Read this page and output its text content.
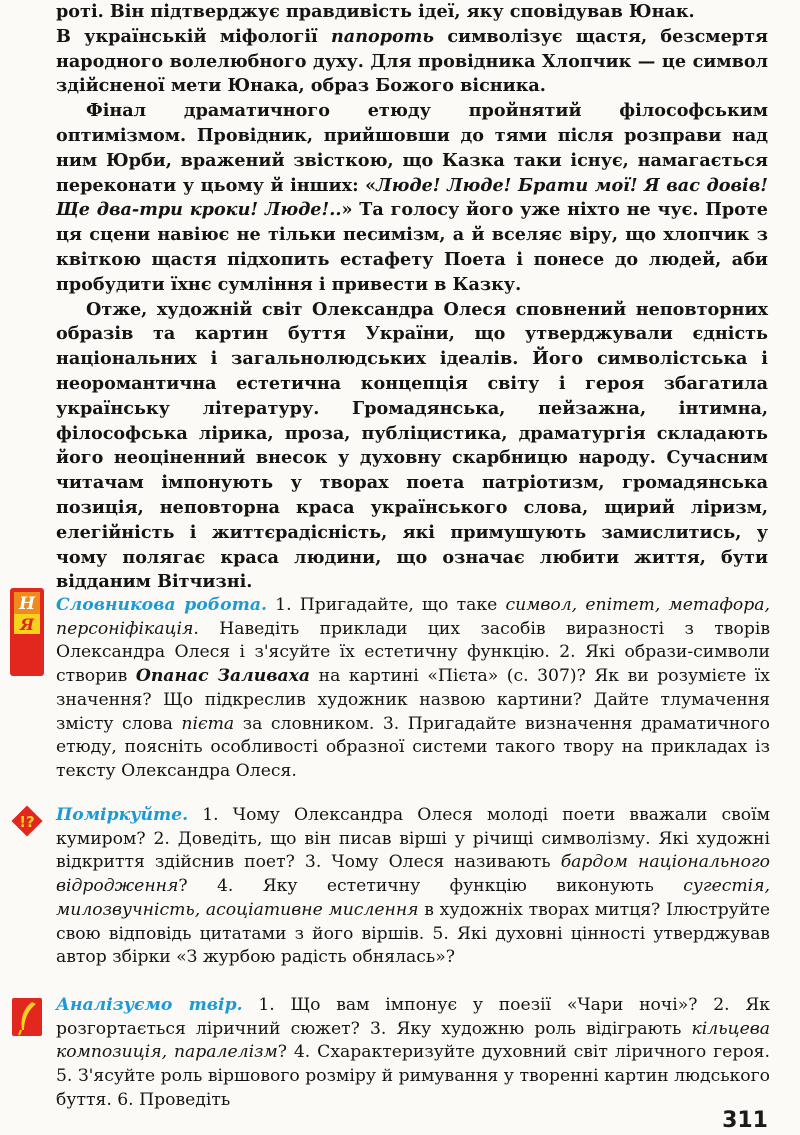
роті. Він підтверджує правдивість ідеї, яку сповідував Юнак.
В українській міфології папороть символізує щастя, безсмертя народного волелюбного духу. Для провідника Хлопчик — це символ здійсненої мети Юнака, образ Божого вісника.

Фінал драматичного етюду пройнятий філософським оптимізмом. Провідник, прийшовши до тями після розправи над ним Юрби, вражений звісткою, що Казка таки існує, намагається переконати у цьому й інших: «Люде! Люде! Брати мої! Я вас довів! Ще два-три кроки! Люде!..» Та голосу його уже ніхто не чує. Проте ця сцени навіює не тільки песимізм, а й вселяє віру, що хлопчик з квіткою щастя підхопить естафету Поета і понесе до людей, аби пробудити їхнє сумління і привести в Казку.

Отже, художній світ Олександра Олеся сповнений неповторних образів та картин буття України, що утверджували єдність національних і загальнолюдських ідеалів. Його символістська і неоромантична естетична концепція світу і героя збагатила українську літературу. Громадянська, пейзажна, інтимна, філософська лірика, проза, публіцистика, драматургія складають його неоціненний внесок у духовну скарбницю народу. Сучасним читачам імпонують у творах поета патріотизм, громадянська позиція, неповторна краса українського слова, щирий ліризм, елегійність і життєрадісність, які примушують замислитись, у чому полягає краса людини, що означає любити життя, бути відданим Вітчизні.

Н
Я

Словникова робота. 1. Пригадайте, що таке символ, епітет, метафора, персоніфікація. Наведіть приклади цих засобів виразності з творів Олександра Олеся і з'ясуйте їх естетичну функцію. 2. Які образи-символи створив Опанас Заливаха на картині «Пієта» (с. 307)? Як ви розумієте їх значення? Що підкреслив художник назвою картини? Дайте тлумачення змісту слова пієта за словником. 3. Пригадайте визначення драматичного етюду, поясніть особливості образної системи такого твору на прикладах із тексту Олександра Олеся.

!? Поміркуйте. 1. Чому Олександра Олеся молоді поети вважали своїм кумиром? 2. Доведіть, що він писав вірші у річищі символізму. Які художні відкриття здійснив поет? 3. Чому Олеся називають бардом національного відродження? 4. Яку естетичну функцію виконують сугестія, милозвучність, асоціативне мислення в художніх творах митця? Ілюструйте свою відповідь цитатами з його віршів. 5. Які духовні цінності утверджував автор збірки «З журбою радість обнялась»?

Аналізуємо твір. 1. Що вам імпонує у поезії «Чари ночі»? 2. Як розгортається ліричний сюжет? 3. Яку художню роль відіграють кільцева композиція, паралелізм? 4. Схарактеризуйте духовний світ ліричного героя. 5. З'ясуйте роль віршового розміру й римування у творенні картин людського буття. 6. Проведіть

311
